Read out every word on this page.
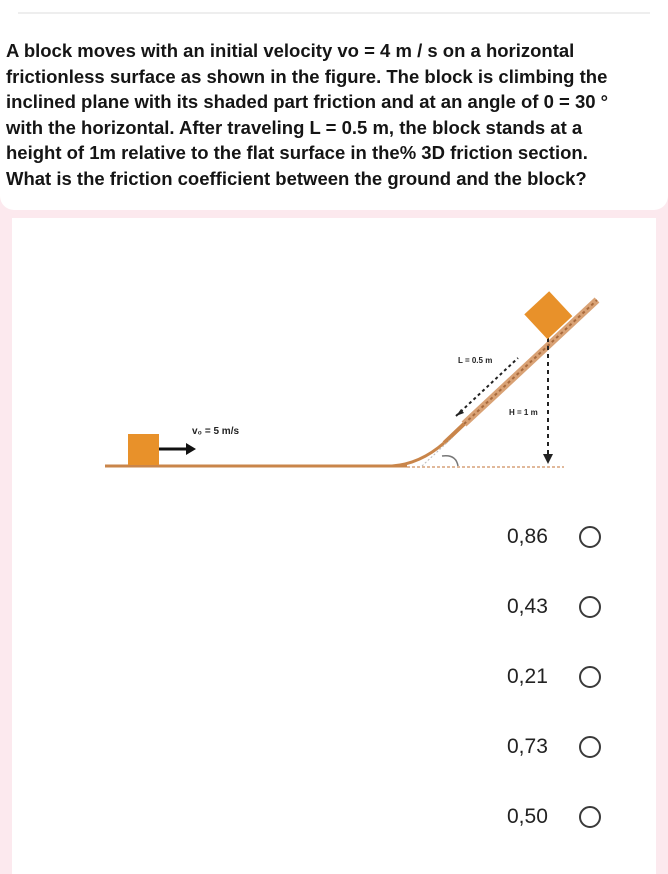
A block moves with an initial velocity vo = 4 m / s on a horizontal
frictionless surface as shown in the figure. The block is climbing the
inclined plane with its shaded part friction and at an angle of 0 = 30 °
with the horizontal. After traveling L = 0.5 m, the block stands at a
height of 1m relative to the flat surface in the% 3D friction section.
What is the friction coefficient between the ground and the block?
v₀ = 5 m/s
L = 0.5 m
H = 1 m
0,86
0,43
0,21
0,73
0,50
